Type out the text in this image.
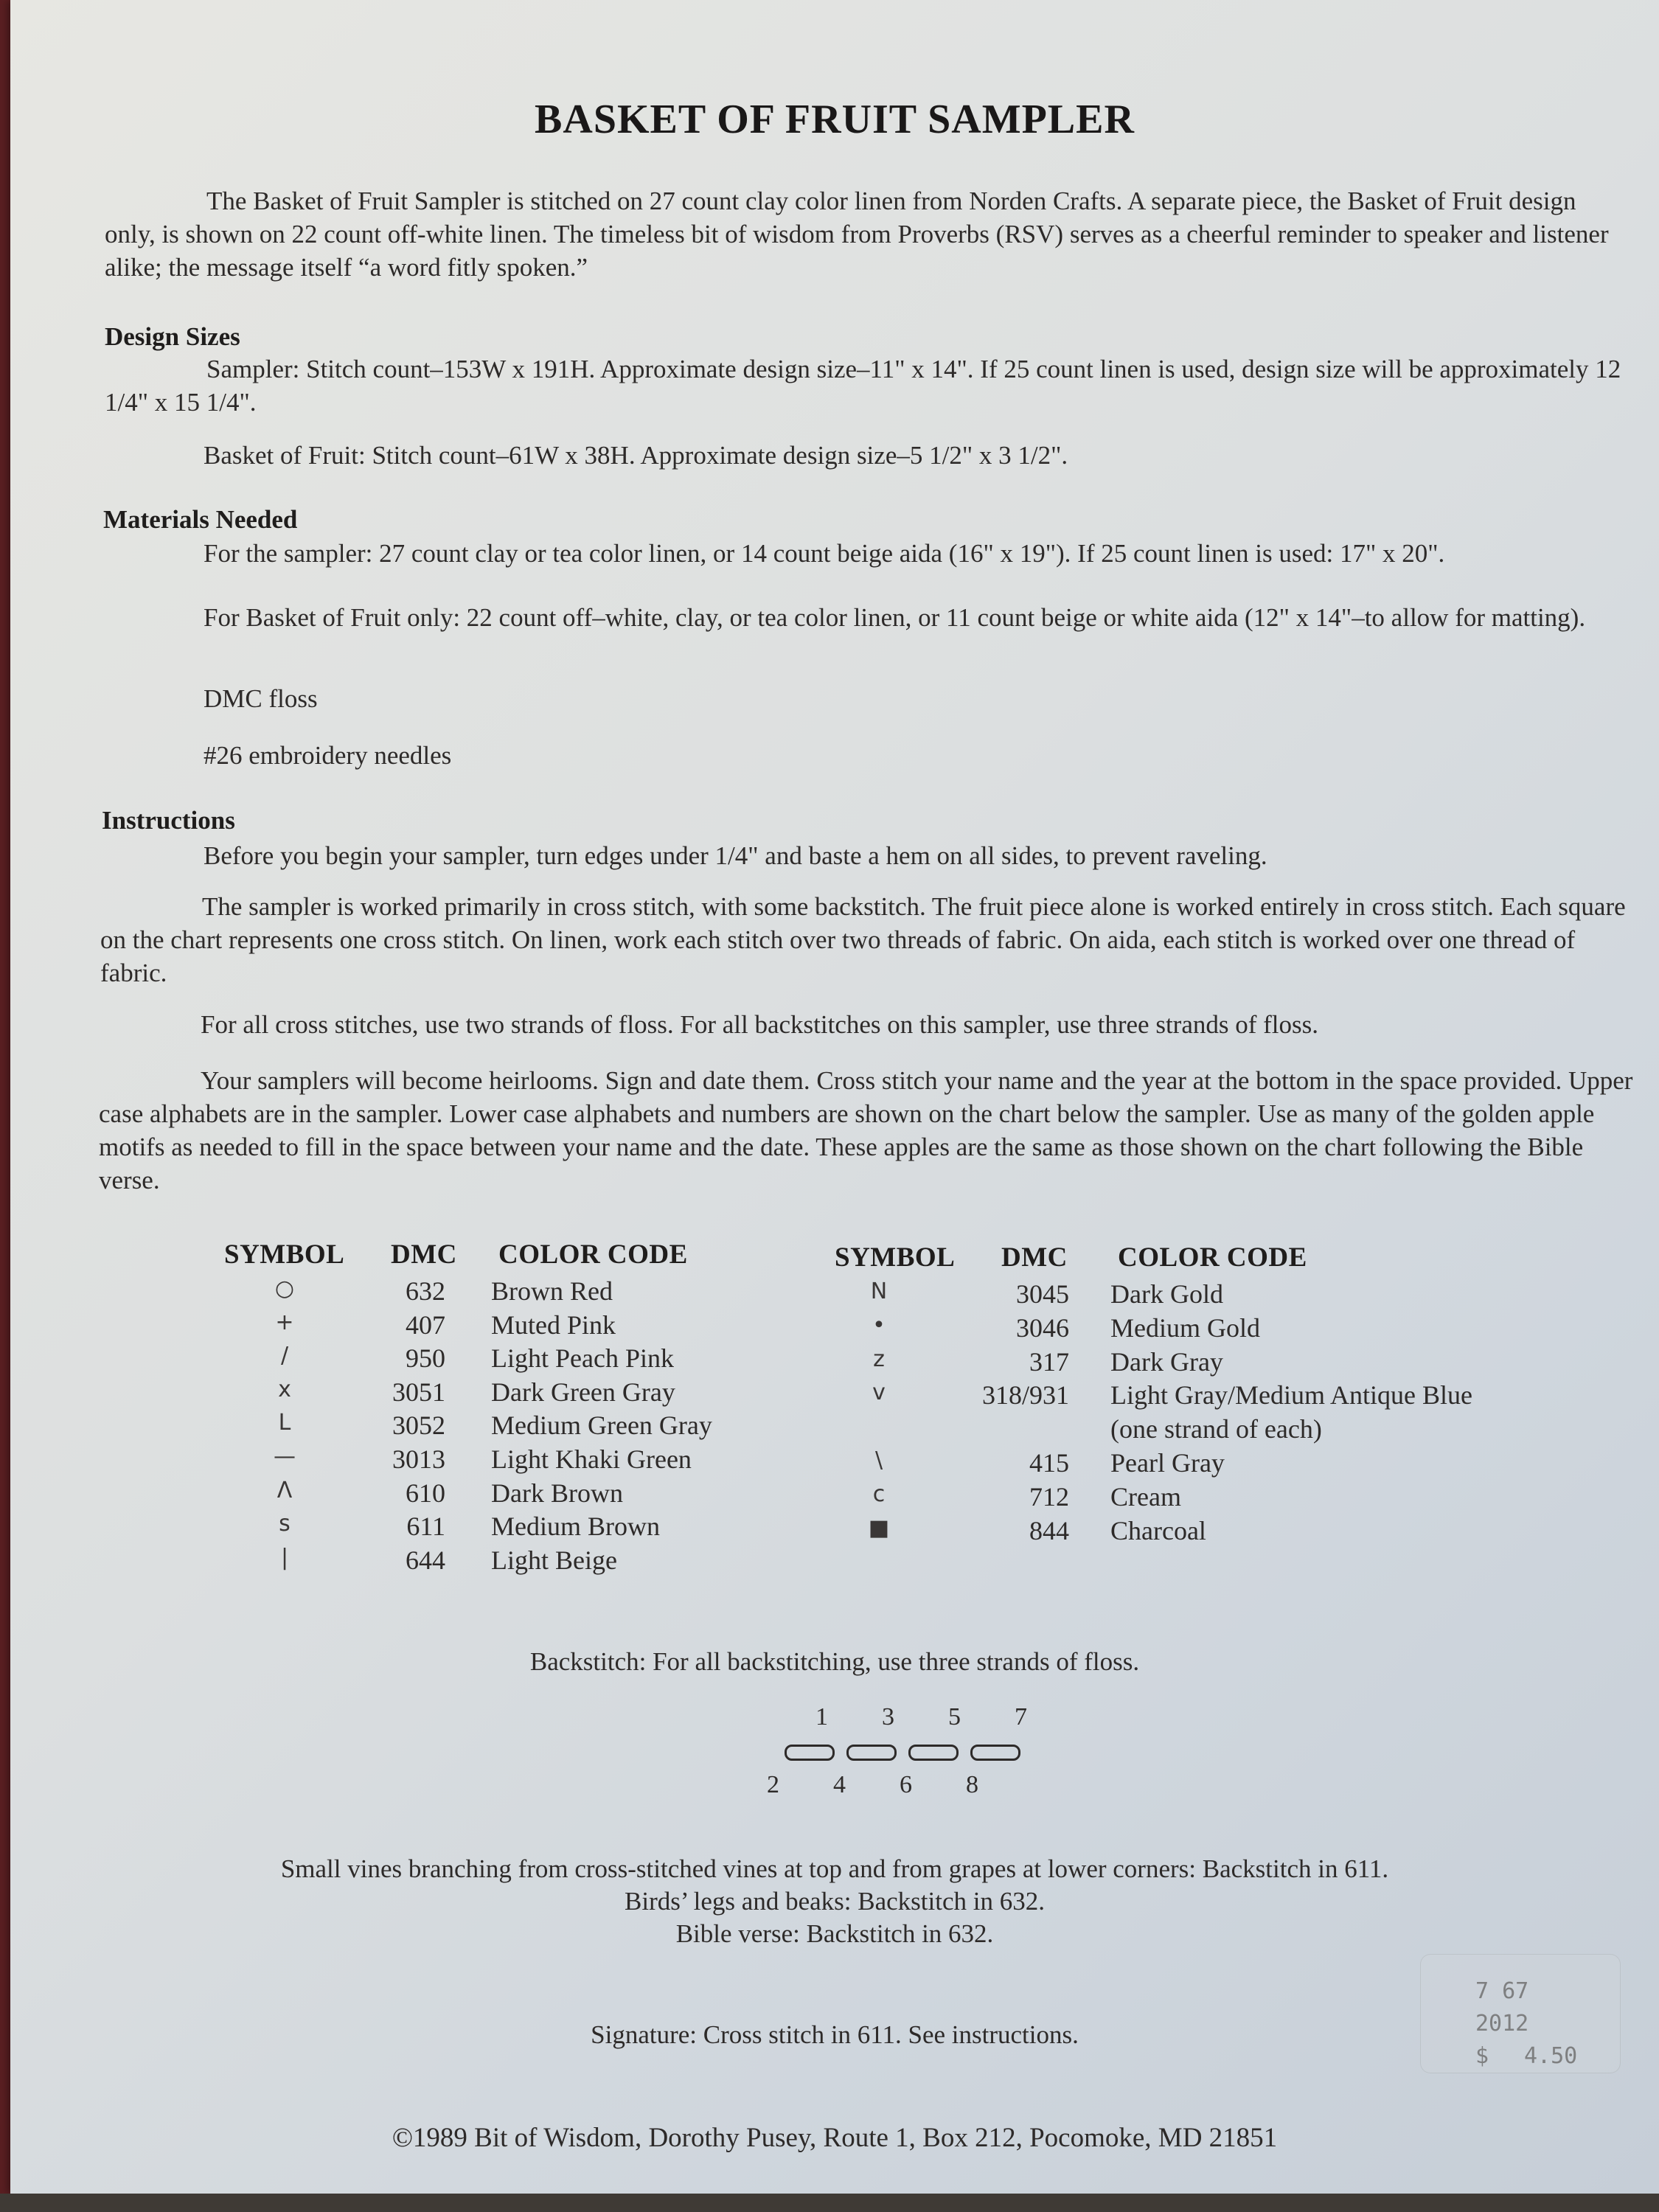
BASKET OF FRUIT SAMPLER
The Basket of Fruit Sampler is stitched on 27 count clay color linen from Norden Crafts. A separate piece, the Basket of Fruit design only, is shown on 22 count off-white linen. The timeless bit of wisdom from Proverbs (RSV) serves as a cheerful reminder to speaker and listener alike; the message itself “a word fitly spoken.”
Design Sizes
Sampler: Stitch count–153W x 191H. Approximate design size–11" x 14". If 25 count linen is used, design size will be approximately 12 1/4" x 15 1/4".
Basket of Fruit: Stitch count–61W x 38H. Approximate design size–5 1/2" x 3 1/2".
Materials Needed
For the sampler: 27 count clay or tea color linen, or 14 count beige aida (16" x 19"). If 25 count linen is used: 17" x 20".
For Basket of Fruit only: 22 count off–white, clay, or tea color linen, or 11 count beige or white aida (12" x 14"–to allow for matting).
DMC floss
#26 embroidery needles
Instructions
Before you begin your sampler, turn edges under 1/4" and baste a hem on all sides, to prevent raveling.
The sampler is worked primarily in cross stitch, with some backstitch. The fruit piece alone is worked entirely in cross stitch. Each square on the chart represents one cross stitch. On linen, work each stitch over two threads of fabric. On aida, each stitch is worked over one thread of fabric.
For all cross stitches, use two strands of floss. For all backstitches on this sampler, use three strands of floss.
Your samplers will become heirlooms. Sign and date them. Cross stitch your name and the year at the bottom in the space provided. Upper case alphabets are in the sampler. Lower case alphabets and numbers are shown on the chart below the sampler. Use as many of the golden apple motifs as needed to fill in the space between your name and the date. These apples are the same as those shown on the chart following the Bible verse.
SYMBOL DMC COLOR CODE
○	632 Brown Red
+	407 Muted Pink
/	950 Light Peach Pink
x	3051 Dark Green Gray
L	3052 Medium Green Gray
—	3013 Light Khaki Green
Λ	610 Dark Brown
s	611 Medium Brown
|	644 Light Beige
SYMBOL DMC COLOR CODE
N	3045 Dark Gold
•	3046 Medium Gold
z	317 Dark Gray
v	318/931 Light Gray/Medium Antique Blue
(one strand of each)
\	415 Pearl Gray
c	712 Cream
■	844 Charcoal
Backstitch: For all backstitching, use three strands of floss.
1 3 5 7
2 4 6 8
Small vines branching from cross-stitched vines at top and from grapes at lower corners: Backstitch in 611.
Birds’ legs and beaks: Backstitch in 632.
Bible verse: Backstitch in 632.
Signature: Cross stitch in 611. See instructions.
7 67
2012
$ 4.50
©1989 Bit of Wisdom, Dorothy Pusey, Route 1, Box 212, Pocomoke, MD 21851
